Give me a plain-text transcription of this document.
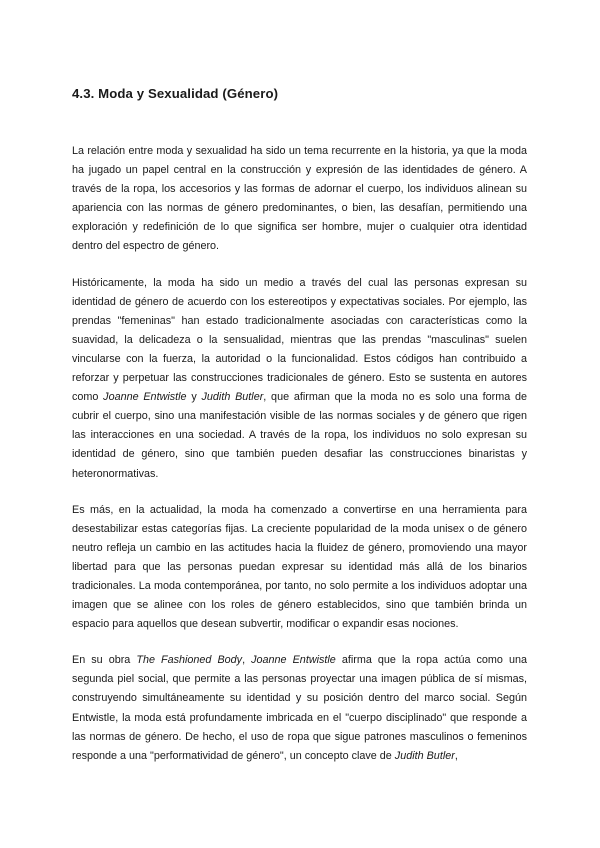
4.3. Moda y Sexualidad (Género)

La relación entre moda y sexualidad ha sido un tema recurrente en la historia, ya que la moda ha jugado un papel central en la construcción y expresión de las identidades de género. A través de la ropa, los accesorios y las formas de adornar el cuerpo, los individuos alinean su apariencia con las normas de género predominantes, o bien, las desafían, permitiendo una exploración y redefinición de lo que significa ser hombre, mujer o cualquier otra identidad dentro del espectro de género.

Históricamente, la moda ha sido un medio a través del cual las personas expresan su identidad de género de acuerdo con los estereotipos y expectativas sociales. Por ejemplo, las prendas "femeninas" han estado tradicionalmente asociadas con características como la suavidad, la delicadeza o la sensualidad, mientras que las prendas "masculinas" suelen vincularse con la fuerza, la autoridad o la funcionalidad. Estos códigos han contribuido a reforzar y perpetuar las construcciones tradicionales de género. Esto se sustenta en autores como Joanne Entwistle y Judith Butler, que afirman que la moda no es solo una forma de cubrir el cuerpo, sino una manifestación visible de las normas sociales y de género que rigen las interacciones en una sociedad. A través de la ropa, los individuos no solo expresan su identidad de género, sino que también pueden desafiar las construcciones binaristas y heteronormativas.

Es más, en la actualidad, la moda ha comenzado a convertirse en una herramienta para desestabilizar estas categorías fijas. La creciente popularidad de la moda unisex o de género neutro refleja un cambio en las actitudes hacia la fluidez de género, promoviendo una mayor libertad para que las personas puedan expresar su identidad más allá de los binarios tradicionales. La moda contemporánea, por tanto, no solo permite a los individuos adoptar una imagen que se alinee con los roles de género establecidos, sino que también brinda un espacio para aquellos que desean subvertir, modificar o expandir esas nociones.

En su obra The Fashioned Body, Joanne Entwistle afirma que la ropa actúa como una segunda piel social, que permite a las personas proyectar una imagen pública de sí mismas, construyendo simultáneamente su identidad y su posición dentro del marco social. Según Entwistle, la moda está profundamente imbricada en el "cuerpo disciplinado" que responde a las normas de género. De hecho, el uso de ropa que sigue patrones masculinos o femeninos responde a una "performatividad de género", un concepto clave de Judith Butler,
